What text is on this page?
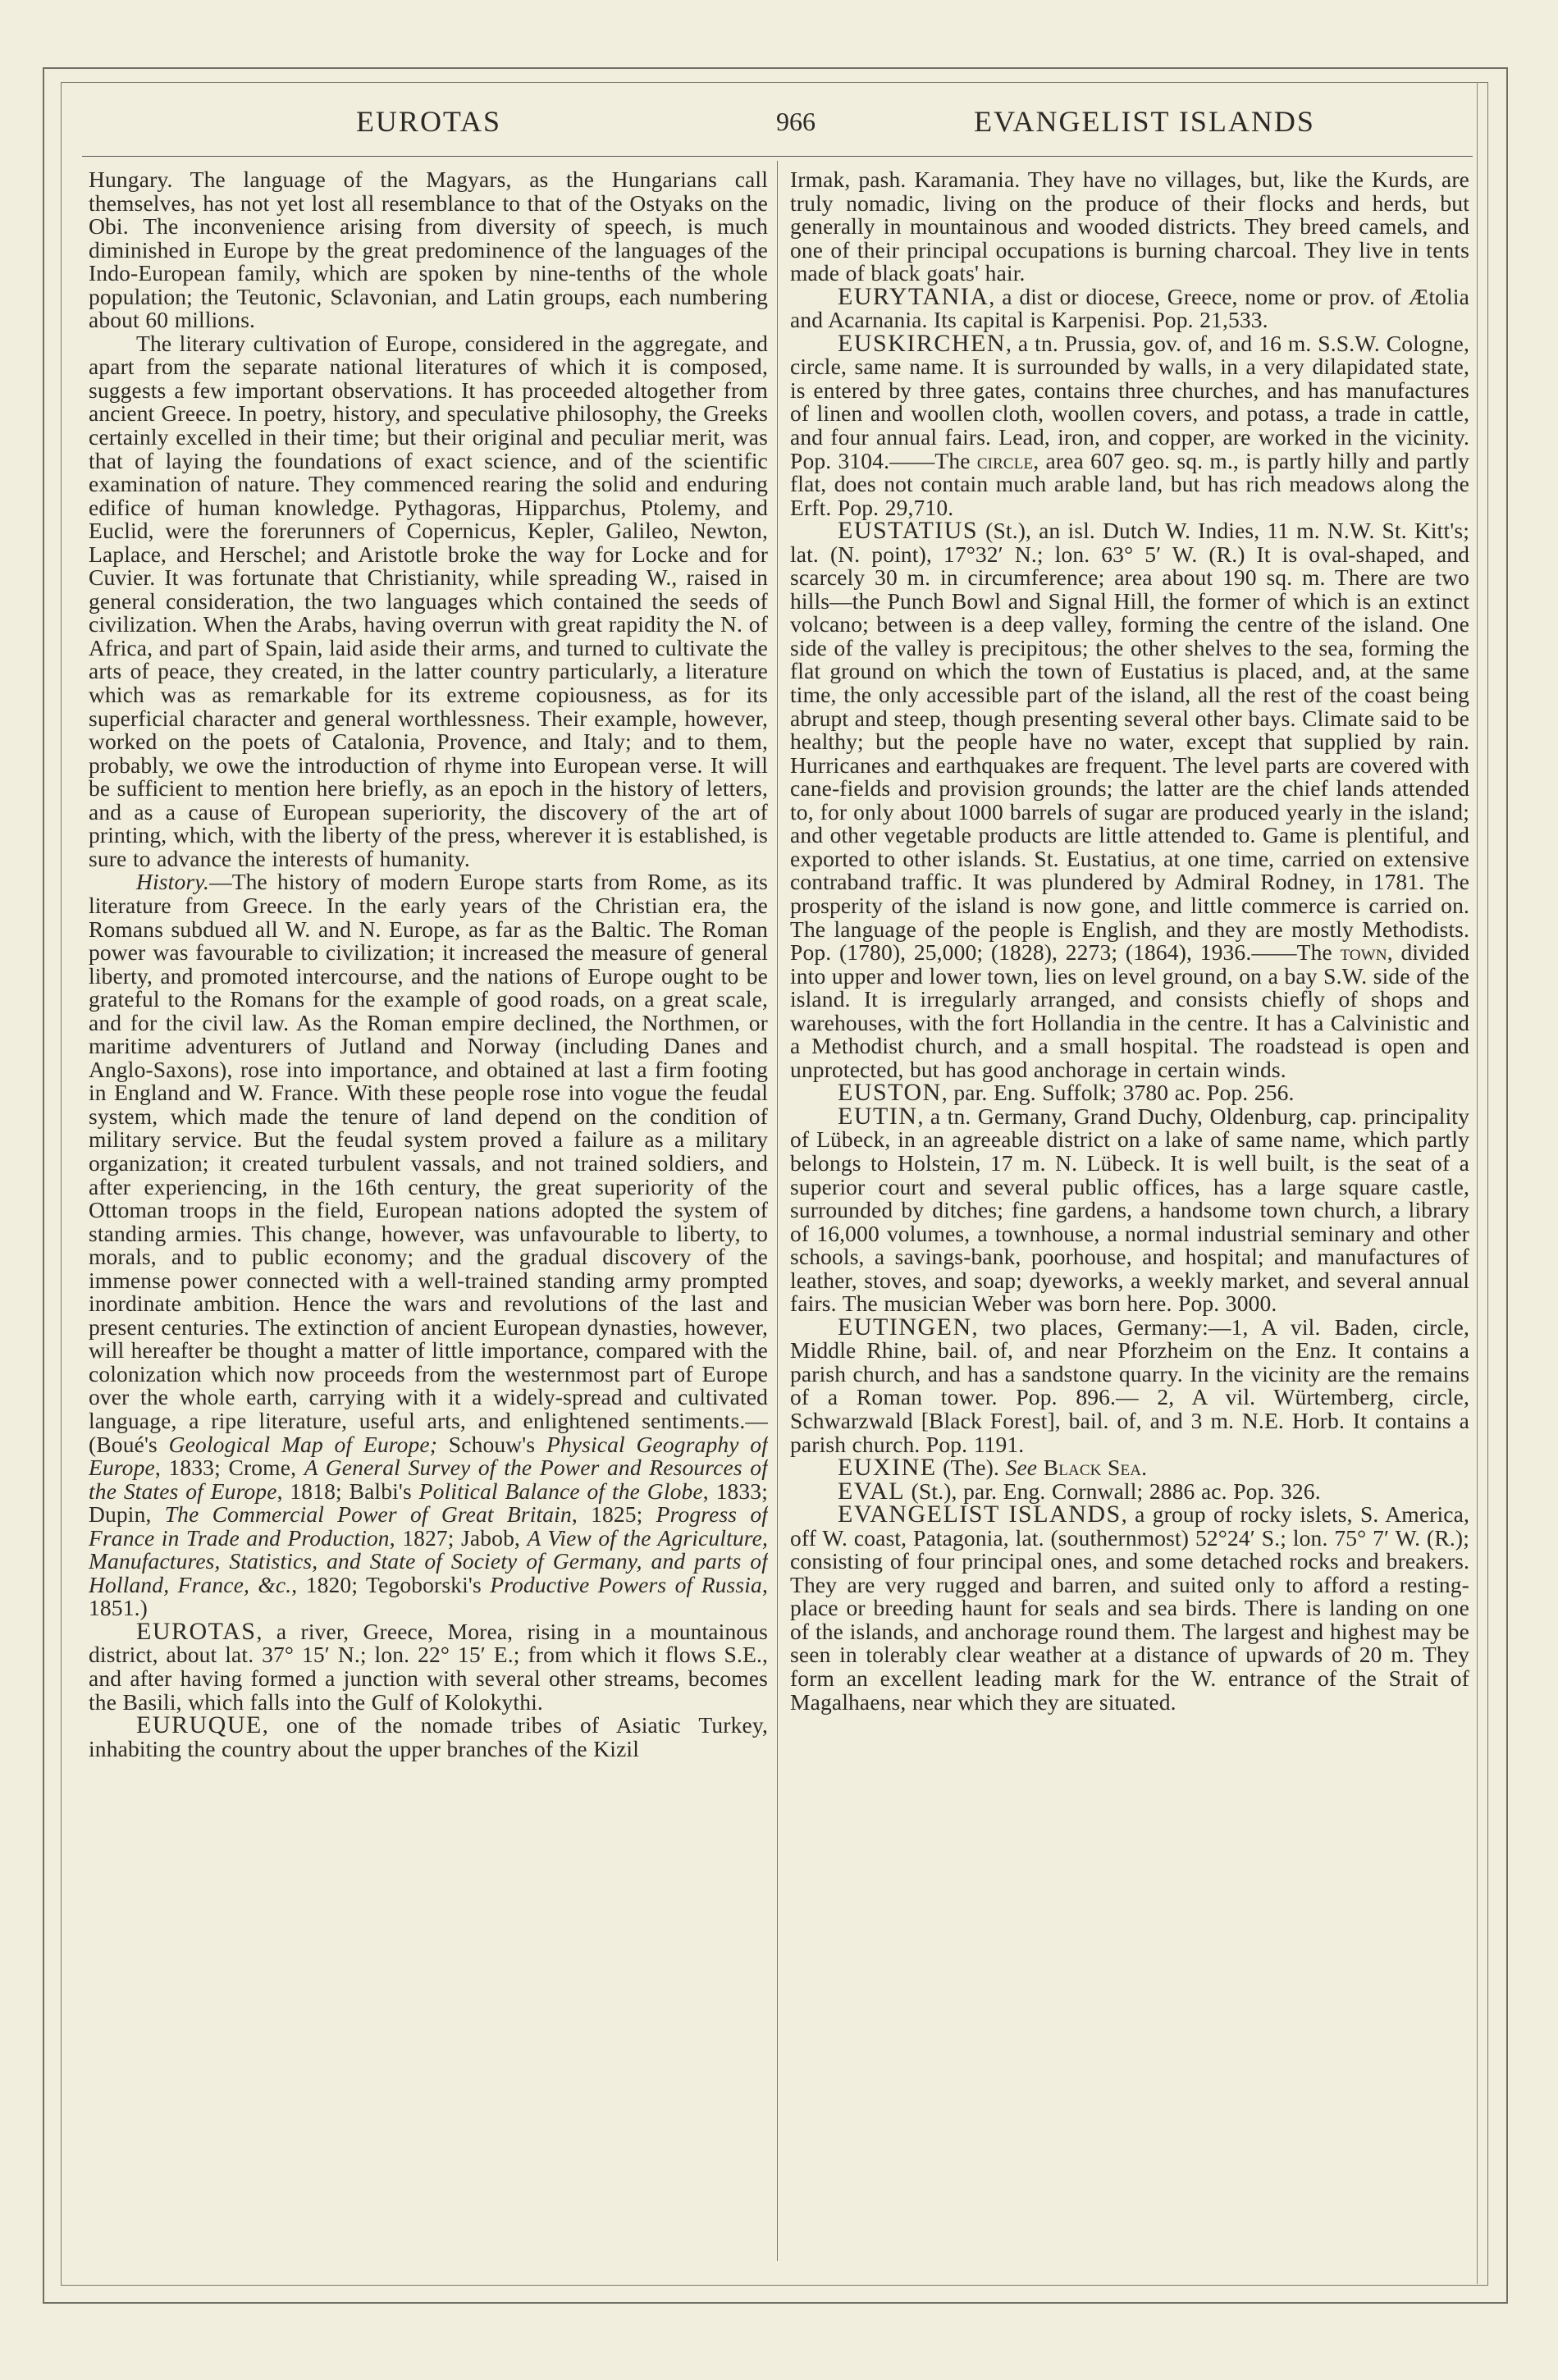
EUROTAS	966	EVANGELIST ISLANDS

Hungary. The language of the Magyars, as the Hungarians call themselves, has not yet lost all resemblance to that of the Ostyaks on the Obi. The inconvenience arising from diversity of speech, is much diminished in Europe by the great predominence of the languages of the Indo-European family, which are spoken by nine-tenths of the whole population; the Teutonic, Sclavonian, and Latin groups, each numbering about 60 millions.

The literary cultivation of Europe, considered in the aggregate, and apart from the separate national literatures of which it is composed, suggests a few important observations. It has proceeded altogether from ancient Greece. In poetry, history, and speculative philosophy, the Greeks certainly excelled in their time; but their original and peculiar merit, was that of laying the foundations of exact science, and of the scientific examination of nature. They commenced rearing the solid and enduring edifice of human knowledge. Pythagoras, Hipparchus, Ptolemy, and Euclid, were the forerunners of Copernicus, Kepler, Galileo, Newton, Laplace, and Herschel; and Aristotle broke the way for Locke and for Cuvier. It was fortunate that Christianity, while spreading W., raised in general consideration, the two languages which contained the seeds of civilization. When the Arabs, having overrun with great rapidity the N. of Africa, and part of Spain, laid aside their arms, and turned to cultivate the arts of peace, they created, in the latter country particularly, a literature which was as remarkable for its extreme copiousness, as for its superficial character and general worthlessness. Their example, however, worked on the poets of Catalonia, Provence, and Italy; and to them, probably, we owe the introduction of rhyme into European verse. It will be sufficient to mention here briefly, as an epoch in the history of letters, and as a cause of European superiority, the discovery of the art of printing, which, with the liberty of the press, wherever it is established, is sure to advance the interests of humanity.

History.—The history of modern Europe starts from Rome, as its literature from Greece. In the early years of the Christian era, the Romans subdued all W. and N. Europe, as far as the Baltic. The Roman power was favourable to civilization; it increased the measure of general liberty, and promoted intercourse, and the nations of Europe ought to be grateful to the Romans for the example of good roads, on a great scale, and for the civil law. As the Roman empire declined, the Northmen, or maritime adventurers of Jutland and Norway (including Danes and Anglo-Saxons), rose into importance, and obtained at last a firm footing in England and W. France. With these people rose into vogue the feudal system, which made the tenure of land depend on the condition of military service. But the feudal system proved a failure as a military organization; it created turbulent vassals, and not trained soldiers, and after experiencing, in the 16th century, the great superiority of the Ottoman troops in the field, European nations adopted the system of standing armies. This change, however, was unfavourable to liberty, to morals, and to public economy; and the gradual discovery of the immense power connected with a well-trained standing army prompted inordinate ambition. Hence the wars and revolutions of the last and present centuries. The extinction of ancient European dynasties, however, will hereafter be thought a matter of little importance, compared with the colonization which now proceeds from the westernmost part of Europe over the whole earth, carrying with it a widely-spread and cultivated language, a ripe literature, useful arts, and enlightened sentiments.—(Boué's Geological Map of Europe; Schouw's Physical Geography of Europe, 1833; Crome, A General Survey of the Power and Resources of the States of Europe, 1818; Balbi's Political Balance of the Globe, 1833; Dupin, The Commercial Power of Great Britain, 1825; Progress of France in Trade and Production, 1827; Jabob, A View of the Agriculture, Manufactures, Statistics, and State of Society of Germany, and parts of Holland, France, &c., 1820; Tegoborski's Productive Powers of Russia, 1851.)

EUROTAS, a river, Greece, Morea, rising in a mountainous district, about lat. 37° 15′ N.; lon. 22° 15′ E.; from which it flows S.E., and after having formed a junction with several other streams, becomes the Basili, which falls into the Gulf of Kolokythi.

EURUQUE, one of the nomade tribes of Asiatic Turkey, inhabiting the country about the upper branches of the Kizil

Irmak, pash. Karamania. They have no villages, but, like the Kurds, are truly nomadic, living on the produce of their flocks and herds, but generally in mountainous and wooded districts. They breed camels, and one of their principal occupations is burning charcoal. They live in tents made of black goats' hair.

EURYTANIA, a dist or diocese, Greece, nome or prov. of Ætolia and Acarnania. Its capital is Karpenisi. Pop. 21,533.

EUSKIRCHEN, a tn. Prussia, gov. of, and 16 m. S.S.W. Cologne, circle, same name. It is surrounded by walls, in a very dilapidated state, is entered by three gates, contains three churches, and has manufactures of linen and woollen cloth, woollen covers, and potass, a trade in cattle, and four annual fairs. Lead, iron, and copper, are worked in the vicinity. Pop. 3104.——The circle, area 607 geo. sq. m., is partly hilly and partly flat, does not contain much arable land, but has rich meadows along the Erft. Pop. 29,710.

EUSTATIUS (St.), an isl. Dutch W. Indies, 11 m. N.W. St. Kitt's; lat. (N. point), 17°32′ N.; lon. 63° 5′ W. (R.) It is oval-shaped, and scarcely 30 m. in circumference; area about 190 sq. m. There are two hills—the Punch Bowl and Signal Hill, the former of which is an extinct volcano; between is a deep valley, forming the centre of the island. One side of the valley is precipitous; the other shelves to the sea, forming the flat ground on which the town of Eustatius is placed, and, at the same time, the only accessible part of the island, all the rest of the coast being abrupt and steep, though presenting several other bays. Climate said to be healthy; but the people have no water, except that supplied by rain. Hurricanes and earthquakes are frequent. The level parts are covered with cane-fields and provision grounds; the latter are the chief lands attended to, for only about 1000 barrels of sugar are produced yearly in the island; and other vegetable products are little attended to. Game is plentiful, and exported to other islands. St. Eustatius, at one time, carried on extensive contraband traffic. It was plundered by Admiral Rodney, in 1781. The prosperity of the island is now gone, and little commerce is carried on. The language of the people is English, and they are mostly Methodists. Pop. (1780), 25,000; (1828), 2273; (1864), 1936.——The town, divided into upper and lower town, lies on level ground, on a bay S.W. side of the island. It is irregularly arranged, and consists chiefly of shops and warehouses, with the fort Hollandia in the centre. It has a Calvinistic and a Methodist church, and a small hospital. The roadstead is open and unprotected, but has good anchorage in certain winds.

EUSTON, par. Eng. Suffolk; 3780 ac. Pop. 256.

EUTIN, a tn. Germany, Grand Duchy, Oldenburg, cap. principality of Lübeck, in an agreeable district on a lake of same name, which partly belongs to Holstein, 17 m. N. Lübeck. It is well built, is the seat of a superior court and several public offices, has a large square castle, surrounded by ditches; fine gardens, a handsome town church, a library of 16,000 volumes, a townhouse, a normal industrial seminary and other schools, a savings-bank, poorhouse, and hospital; and manufactures of leather, stoves, and soap; dyeworks, a weekly market, and several annual fairs. The musician Weber was born here. Pop. 3000.

EUTINGEN, two places, Germany:—1, A vil. Baden, circle, Middle Rhine, bail. of, and near Pforzheim on the Enz. It contains a parish church, and has a sandstone quarry. In the vicinity are the remains of a Roman tower. Pop. 896.— 2, A vil. Würtemberg, circle, Schwarzwald [Black Forest], bail. of, and 3 m. N.E. Horb. It contains a parish church. Pop. 1191.

EUXINE (The). See Black Sea.

EVAL (St.), par. Eng. Cornwall; 2886 ac. Pop. 326.

EVANGELIST ISLANDS, a group of rocky islets, S. America, off W. coast, Patagonia, lat. (southernmost) 52°24′ S.; lon. 75° 7′ W. (R.); consisting of four principal ones, and some detached rocks and breakers. They are very rugged and barren, and suited only to afford a resting-place or breeding haunt for seals and sea birds. There is landing on one of the islands, and anchorage round them. The largest and highest may be seen in tolerably clear weather at a distance of upwards of 20 m. They form an excellent leading mark for the W. entrance of the Strait of Magalhaens, near which they are situated.
